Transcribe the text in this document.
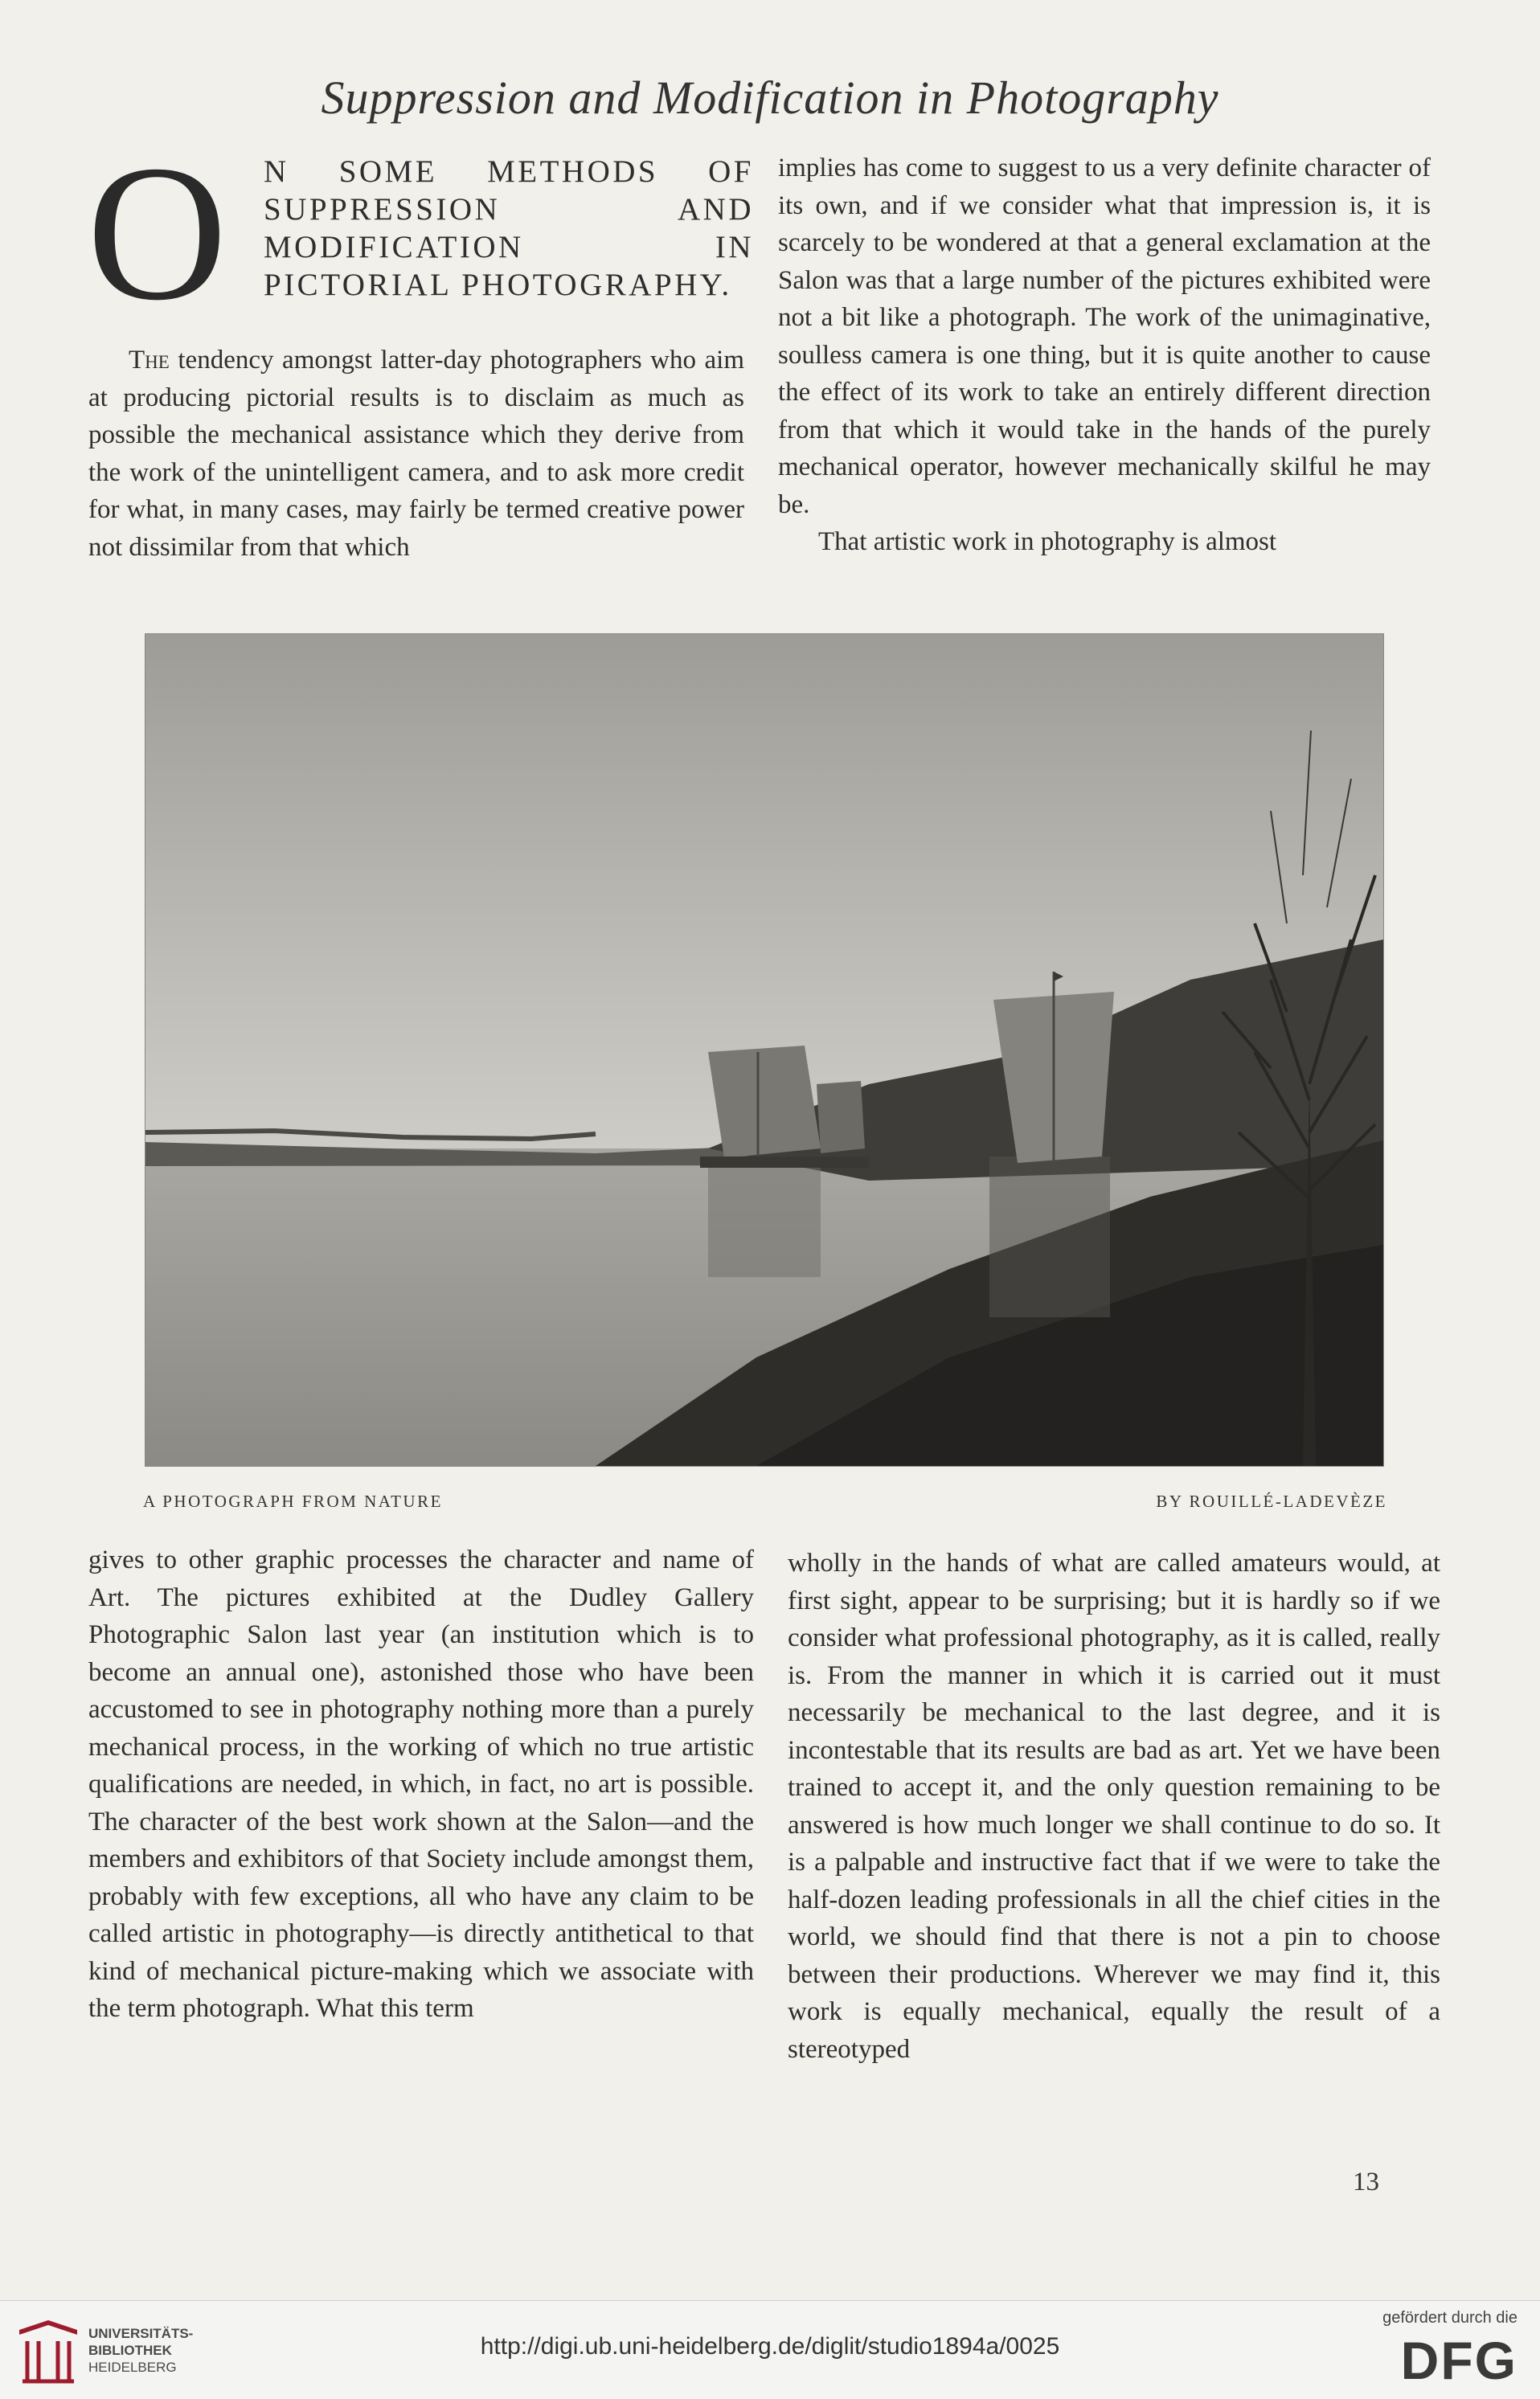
Suppression and Modification in Photography
O N SOME METHODS OF SUPPRESSION AND MODIFICATION IN PICTORIAL PHOTOGRAPHY.

The tendency amongst latter-day photographers who aim at producing pictorial results is to disclaim as much as possible the mechanical assistance which they derive from the work of the unintelligent camera, and to ask more credit for what, in many cases, may fairly be termed creative power not dissimilar from that which

implies has come to suggest to us a very definite character of its own, and if we consider what that impression is, it is scarcely to be wondered at that a general exclamation at the Salon was that a large number of the pictures exhibited were not a bit like a photograph. The work of the unimaginative, soulless camera is one thing, but it is quite another to cause the effect of its work to take an entirely different direction from that which it would take in the hands of the purely mechanical operator, however mechanically skilful he may be.

That artistic work in photography is almost

A PHOTOGRAPH FROM NATURE	BY ROUILLÉ-LADEVÈZE

gives to other graphic processes the character and name of Art. The pictures exhibited at the Dudley Gallery Photographic Salon last year (an institution which is to become an annual one), astonished those who have been accustomed to see in photography nothing more than a purely mechanical process, in the working of which no true artistic qualifications are needed, in which, in fact, no art is possible. The character of the best work shown at the Salon—and the members and exhibitors of that Society include amongst them, probably with few exceptions, all who have any claim to be called artistic in photography—is directly antithetical to that kind of mechanical picture-making which we associate with the term photograph. What this term

wholly in the hands of what are called amateurs would, at first sight, appear to be surprising; but it is hardly so if we consider what professional photography, as it is called, really is. From the manner in which it is carried out it must necessarily be mechanical to the last degree, and it is incontestable that its results are bad as art. Yet we have been trained to accept it, and the only question remaining to be answered is how much longer we shall continue to do so. It is a palpable and instructive fact that if we were to take the half-dozen leading professionals in all the chief cities in the world, we should find that there is not a pin to choose between their productions. Wherever we may find it, this work is equally mechanical, equally the result of a stereotyped

13
UNIVERSITÄTS-
BIBLIOTHEK
HEIDELBERG
http://digi.ub.uni-heidelberg.de/diglit/studio1894a/0025
gefördert durch die
DFG
